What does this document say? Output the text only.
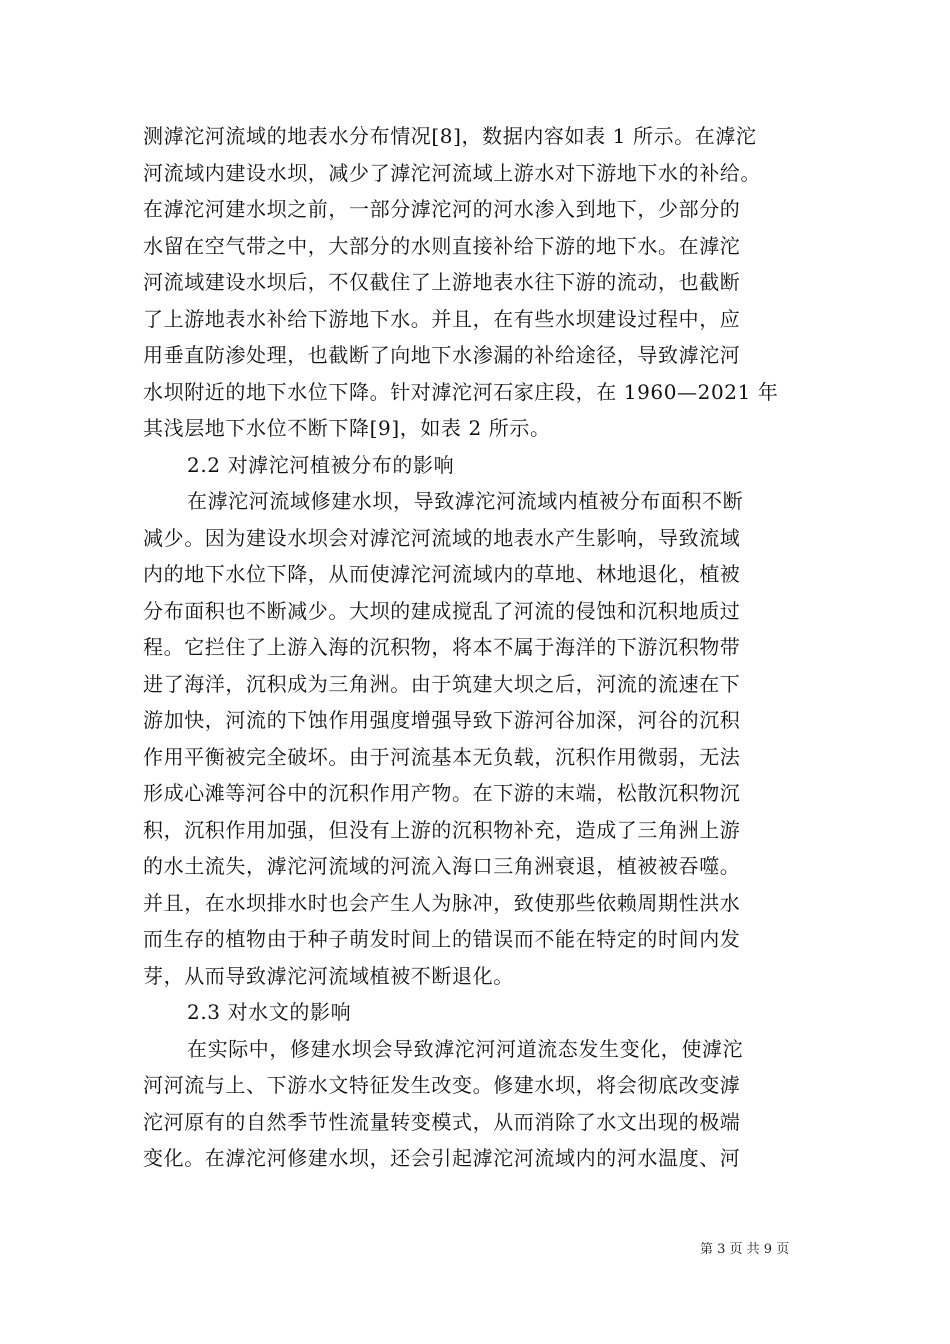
测滹沱河流域的地表水分布情况[8]，数据内容如表 1 所示。在滹沱
河流域内建设水坝，减少了滹沱河流域上游水对下游地下水的补给。
在滹沱河建水坝之前，一部分滹沱河的河水渗入到地下，少部分的
水留在空气带之中，大部分的水则直接补给下游的地下水。在滹沱
河流域建设水坝后，不仅截住了上游地表水往下游的流动，也截断
了上游地表水补给下游地下水。并且，在有些水坝建设过程中，应
用垂直防渗处理，也截断了向地下水渗漏的补给途径，导致滹沱河
水坝附近的地下水位下降。针对滹沱河石家庄段，在 1960—2021 年
其浅层地下水位不断下降[9]，如表 2 所示。
2.2 对滹沱河植被分布的影响
在滹沱河流域修建水坝，导致滹沱河流域内植被分布面积不断
减少。因为建设水坝会对滹沱河流域的地表水产生影响，导致流域
内的地下水位下降，从而使滹沱河流域内的草地、林地退化，植被
分布面积也不断减少。大坝的建成搅乱了河流的侵蚀和沉积地质过
程。它拦住了上游入海的沉积物，将本不属于海洋的下游沉积物带
进了海洋，沉积成为三角洲。由于筑建大坝之后，河流的流速在下
游加快，河流的下蚀作用强度增强导致下游河谷加深，河谷的沉积
作用平衡被完全破坏。由于河流基本无负载，沉积作用微弱，无法
形成心滩等河谷中的沉积作用产物。在下游的末端，松散沉积物沉
积，沉积作用加强，但没有上游的沉积物补充，造成了三角洲上游
的水土流失，滹沱河流域的河流入海口三角洲衰退，植被被吞噬。
并且，在水坝排水时也会产生人为脉冲，致使那些依赖周期性洪水
而生存的植物由于种子萌发时间上的错误而不能在特定的时间内发
芽，从而导致滹沱河流域植被不断退化。
2.3 对水文的影响
在实际中，修建水坝会导致滹沱河河道流态发生变化，使滹沱
河河流与上、下游水文特征发生改变。修建水坝，将会彻底改变滹
沱河原有的自然季节性流量转变模式，从而消除了水文出现的极端
变化。在滹沱河修建水坝，还会引起滹沱河流域内的河水温度、河
第 3 页 共 9 页
